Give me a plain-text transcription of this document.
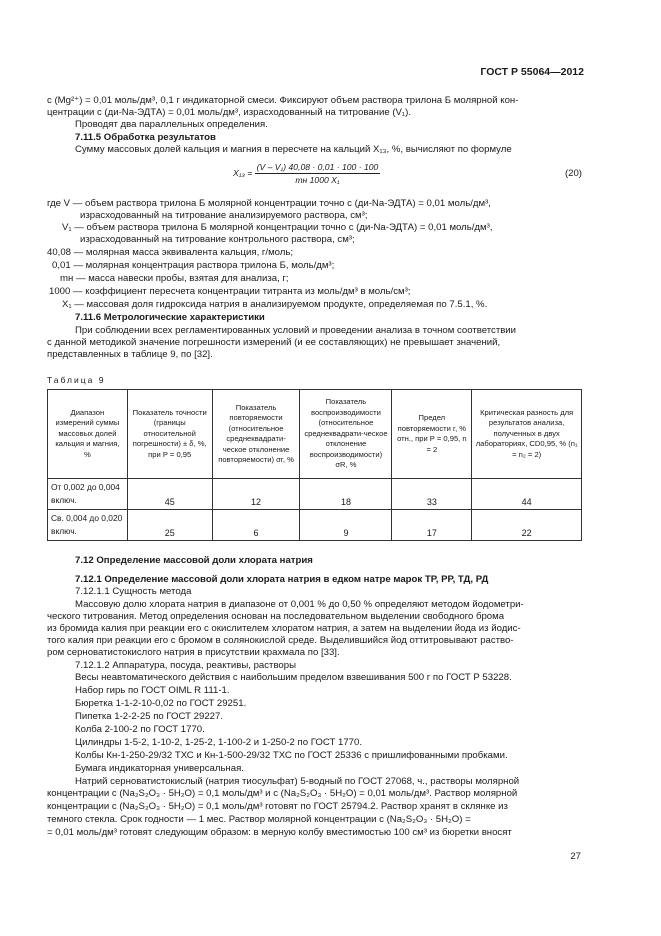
ГОСТ Р 55064—2012
с (Mg²⁺) = 0,01 моль/дм³, 0,1 г индикаторной смеси. Фиксируют объем раствора трилона Б молярной кон-
центрации с (ди-Na-ЭДТА) = 0,01 моль/дм³, израсходованный на титрование (V₁).
Проводят два параллельных определения.
7.11.5 Обработка результатов
Сумму массовых долей кальция и магния в пересчете на кальций X₁₃, %, вычисляют по формуле
$X_{13} = \frac{\text{(V – V₁) 40,08 · 0,01 · 100 · 100}}{\text{mн 1000 X₁}}$	(20)
где V — объем раствора трилона Б молярной концентрации точно с (ди-Na-ЭДТА) = 0,01 моль/дм³,
израсходованный на титрование анализируемого раствора, см³;
V₁ — объем раствора трилона Б молярной концентрации точно с (ди-Na-ЭДТА) = 0,01 моль/дм³,
израсходованный на титрование контрольного раствора, см³;
40,08 — молярная масса эквивалента кальция, г/моль;
0,01 — молярная концентрация раствора трилона Б, моль/дм³;
mн — масса навески пробы, взятая для анализа, г;
1000 — коэффициент пересчета концентрации титранта из моль/дм³ в моль/см³;
X₁ — массовая доля гидроксида натрия в анализируемом продукте, определяемая по 7.5.1, %.
7.11.6 Метрологические характеристики
При соблюдении всех регламентированных условий и проведении анализа в точном соответствии
с данной методикой значение погрешности измерений (и ее составляющих) не превышает значений,
представленных в таблице 9, по [32].
Таблица 9
Диапазон измерений суммы массовых долей кальция и магния, %	Показатель точности (границы относительной погрешности) ± δ, %, при P = 0,95	Показатель повторяемости (относительное среднеквадрати-ческое отклонение повторяемости) σr, %	Показатель воспроизводимости (относительное среднеквадрати-ческое отклонение воспроизводимости) σR, %	Предел повторяемости r, % отн., при P = 0,95, n = 2	Критическая разность для результатов анализа, полученных в двух лабораториях, CD0,95, % (n₁ = n₂ = 2)
От 0,002 до 0,004 включ.	45	12	18	33	44
Св. 0,004 до 0,020 включ.	25	6	9	17	22
7.12 Определение массовой доли хлората натрия
7.12.1 Определение массовой доли хлората натрия в едком натре марок ТР, РР, ТД, РД
7.12.1.1 Сущность метода
Массовую долю хлората натрия в диапазоне от 0,001 % до 0,50 % определяют методом йодометри-
ческого титрования. Метод определения основан на последовательном выделении свободного брома
из бромида калия при реакции его с окислителем хлоратом натрия, а затем на выделении йода из йодис-
того калия при реакции его с бромом в солянокислой среде. Выделившийся йод оттитровывают раство-
ром серноватистокислого натрия в присутствии крахмала по [33].
7.12.1.2 Аппаратура, посуда, реактивы, растворы
Весы неавтоматического действия с наибольшим пределом взвешивания 500 г по ГОСТ Р 53228.
Набор гирь по ГОСТ OIML R 111-1.
Бюретка 1-1-2-10-0,02 по ГОСТ 29251.
Пипетка 1-2-2-25 по ГОСТ 29227.
Колба 2-100-2 по ГОСТ 1770.
Цилиндры 1-5-2, 1-10-2, 1-25-2, 1-100-2 и 1-250-2 по ГОСТ 1770.
Колбы Кн-1-250-29/32 ТХС и Кн-1-500-29/32 ТХС по ГОСТ 25336 с пришлифованными пробками.
Бумага индикаторная универсальная.
Натрий серноватистокислый (натрия тиосульфат) 5-водный по ГОСТ 27068, ч., растворы молярной
концентрации с (Na₂S₂O₃ · 5H₂O) = 0,1 моль/дм³ и с (Na₂S₂O₃ · 5H₂O) = 0,01 моль/дм³. Раствор молярной
концентрации с (Na₂S₂O₃ · 5H₂O) = 0,1 моль/дм³ готовят по ГОСТ 25794.2. Раствор хранят в склянке из
темного стекла. Срок годности — 1 мес. Раствор молярной концентрации с (Na₂S₂O₃ · 5H₂O) =
= 0,01 моль/дм³ готовят следующим образом: в мерную колбу вместимостью 100 см³ из бюретки вносят
27
